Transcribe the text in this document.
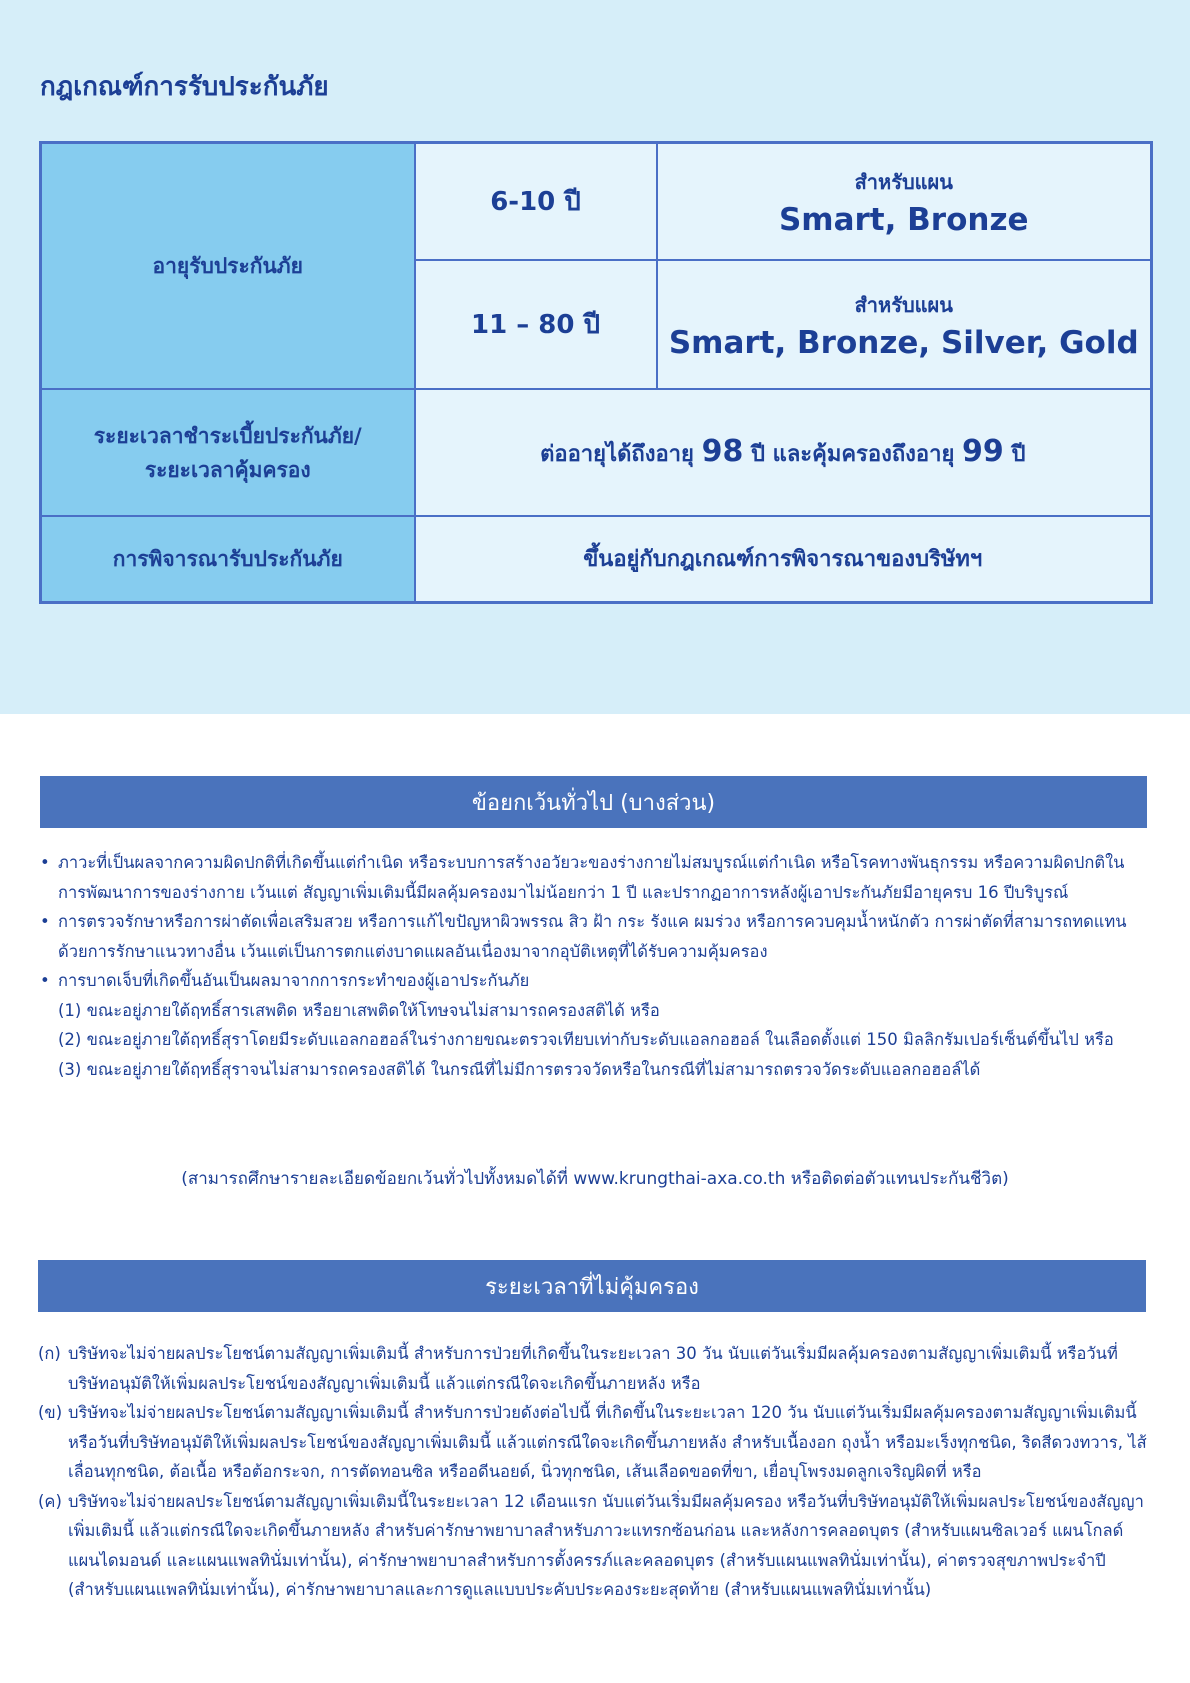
กฎเกณฑ์การรับประกันภัย
อายุรับประกันภัย	6-10 ปี	สำหรับแผน
Smart, Bronze

	11 – 80 ปี	สำหรับแผน
Smart, Bronze, Silver, Gold

ระยะเวลาชำระเบี้ยประกันภัย/
ระยะเวลาคุ้มครอง	ต่ออายุได้ถึงอายุ 98 ปี และคุ้มครองถึงอายุ 99 ปี	
การพิจารณารับประกันภัย	ขึ้นอยู่กับกฎเกณฑ์การพิจารณาของบริษัทฯ	
ข้อยกเว้นทั่วไป (บางส่วน)
• ภาวะที่เป็นผลจากความผิดปกติที่เกิดขึ้นแต่กำเนิด หรือระบบการสร้างอวัยวะของร่างกายไม่สมบูรณ์แต่กำเนิด หรือโรคทางพันธุกรรม หรือความผิดปกติในการพัฒนาการของร่างกาย เว้นแต่ สัญญาเพิ่มเติมนี้มีผลคุ้มครองมาไม่น้อยกว่า 1 ปี และปรากฏอาการหลังผู้เอาประกันภัยมีอายุครบ 16 ปีบริบูรณ์
• การตรวจรักษาหรือการผ่าตัดเพื่อเสริมสวย หรือการแก้ไขปัญหาผิวพรรณ สิว ฝ้า กระ รังแค ผมร่วง หรือการควบคุมน้ำหนักตัว การผ่าตัดที่สามารถทดแทนด้วยการรักษาแนวทางอื่น เว้นแต่เป็นการตกแต่งบาดแผลอันเนื่องมาจากอุบัติเหตุที่ได้รับความคุ้มครอง
• การบาดเจ็บที่เกิดขึ้นอันเป็นผลมาจากการกระทำของผู้เอาประกันภัย
(1) ขณะอยู่ภายใต้ฤทธิ์สารเสพติด หรือยาเสพติดให้โทษจนไม่สามารถครองสติได้ หรือ
(2) ขณะอยู่ภายใต้ฤทธิ์สุราโดยมีระดับแอลกอฮอล์ในร่างกายขณะตรวจเทียบเท่ากับระดับแอลกอฮอล์ ในเลือดตั้งแต่ 150 มิลลิกรัมเปอร์เซ็นต์ขึ้นไป หรือ
(3) ขณะอยู่ภายใต้ฤทธิ์สุราจนไม่สามารถครองสติได้ ในกรณีที่ไม่มีการตรวจวัดหรือในกรณีที่ไม่สามารถตรวจวัดระดับแอลกอฮอล์ได้
(สามารถศึกษารายละเอียดข้อยกเว้นทั่วไปทั้งหมดได้ที่ www.krungthai-axa.co.th หรือติดต่อตัวแทนประกันชีวิต)
ระยะเวลาที่ไม่คุ้มครอง
(ก) บริษัทจะไม่จ่ายผลประโยชน์ตามสัญญาเพิ่มเติมนี้ สำหรับการป่วยที่เกิดขึ้นในระยะเวลา 30 วัน นับแต่วันเริ่มมีผลคุ้มครองตามสัญญาเพิ่มเติมนี้ หรือวันที่บริษัทอนุมัติให้เพิ่มผลประโยชน์ของสัญญาเพิ่มเติมนี้ แล้วแต่กรณีใดจะเกิดขึ้นภายหลัง หรือ
(ข) บริษัทจะไม่จ่ายผลประโยชน์ตามสัญญาเพิ่มเติมนี้ สำหรับการป่วยดังต่อไปนี้ ที่เกิดขึ้นในระยะเวลา 120 วัน นับแต่วันเริ่มมีผลคุ้มครองตามสัญญาเพิ่มเติมนี้ หรือวันที่บริษัทอนุมัติให้เพิ่มผลประโยชน์ของสัญญาเพิ่มเติมนี้ แล้วแต่กรณีใดจะเกิดขึ้นภายหลัง สำหรับเนื้องอก ถุงน้ำ หรือมะเร็งทุกชนิด, ริดสีดวงทวาร, ไส้เลื่อนทุกชนิด, ต้อเนื้อ หรือต้อกระจก, การตัดทอนซิล หรืออดีนอยด์, นิ่วทุกชนิด, เส้นเลือดขอดที่ขา, เยื่อบุโพรงมดลูกเจริญผิดที่ หรือ
(ค) บริษัทจะไม่จ่ายผลประโยชน์ตามสัญญาเพิ่มเติมนี้ในระยะเวลา 12 เดือนแรก นับแต่วันเริ่มมีผลคุ้มครอง หรือวันที่บริษัทอนุมัติให้เพิ่มผลประโยชน์ของสัญญาเพิ่มเติมนี้ แล้วแต่กรณีใดจะเกิดขึ้นภายหลัง สำหรับค่ารักษาพยาบาลสำหรับภาวะแทรกซ้อนก่อน และหลังการคลอดบุตร (สำหรับแผนซิลเวอร์ แผนโกลด์ แผนไดมอนด์ และแผนแพลทินั่มเท่านั้น), ค่ารักษาพยาบาลสำหรับการตั้งครรภ์และคลอดบุตร (สำหรับแผนแพลทินั่มเท่านั้น), ค่าตรวจสุขภาพประจำปี (สำหรับแผนแพลทินั่มเท่านั้น), ค่ารักษาพยาบาลและการดูแลแบบประคับประคองระยะสุดท้าย (สำหรับแผนแพลทินั่มเท่านั้น)
